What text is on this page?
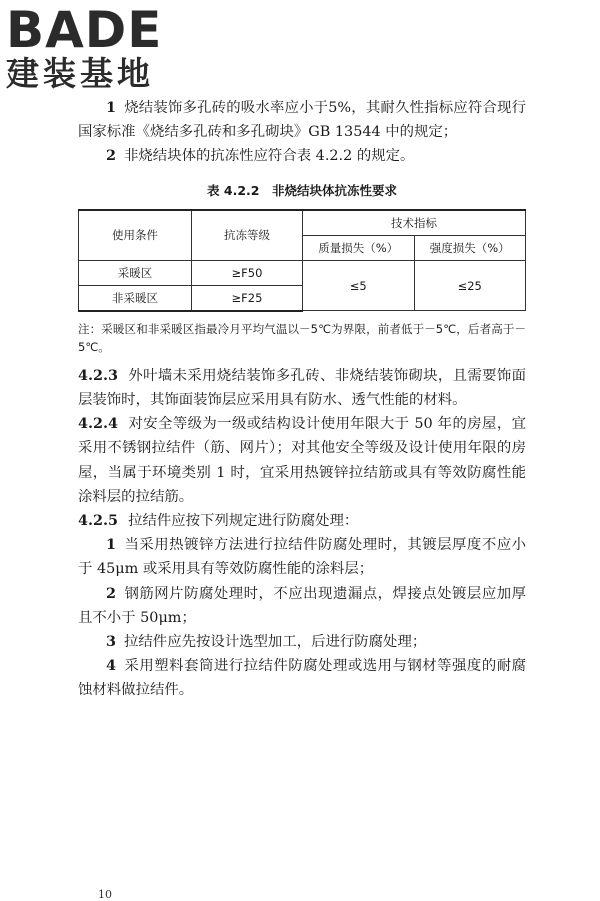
BADE
建装基地

1 烧结装饰多孔砖的吸水率应小于5%，其耐久性指标应符合现行国家标准《烧结多孔砖和多孔砌块》GB 13544 中的规定；

2 非烧结块体的抗冻性应符合表 4.2.2 的规定。

表 4.2.2　非烧结块体抗冻性要求
使用条件	抗冻等级	技术指标	
		质量损失（%）	强度损失（%）
采暖区	≥F50	≤5	≤25
非采暖区	≥F25		

注：采暖区和非采暖区指最冷月平均气温以－5℃为界限，前者低于－5℃，后者高于－5℃。

4.2.3 外叶墙未采用烧结装饰多孔砖、非烧结装饰砌块，且需要饰面层装饰时，其饰面装饰层应采用具有防水、透气性能的材料。

4.2.4 对安全等级为一级或结构设计使用年限大于 50 年的房屋，宜采用不锈钢拉结件（筋、网片）；对其他安全等级及设计使用年限的房屋，当属于环境类别 1 时，宜采用热镀锌拉结筋或具有等效防腐性能涂料层的拉结筋。

4.2.5 拉结件应按下列规定进行防腐处理：

1 当采用热镀锌方法进行拉结件防腐处理时，其镀层厚度不应小于 45μm 或采用具有等效防腐性能的涂料层；

2 钢筋网片防腐处理时，不应出现遗漏点，焊接点处镀层应加厚且不小于 50μm；

3 拉结件应先按设计选型加工，后进行防腐处理；

4 采用塑料套筒进行拉结件防腐处理或选用与钢材等强度的耐腐蚀材料做拉结件。

10
